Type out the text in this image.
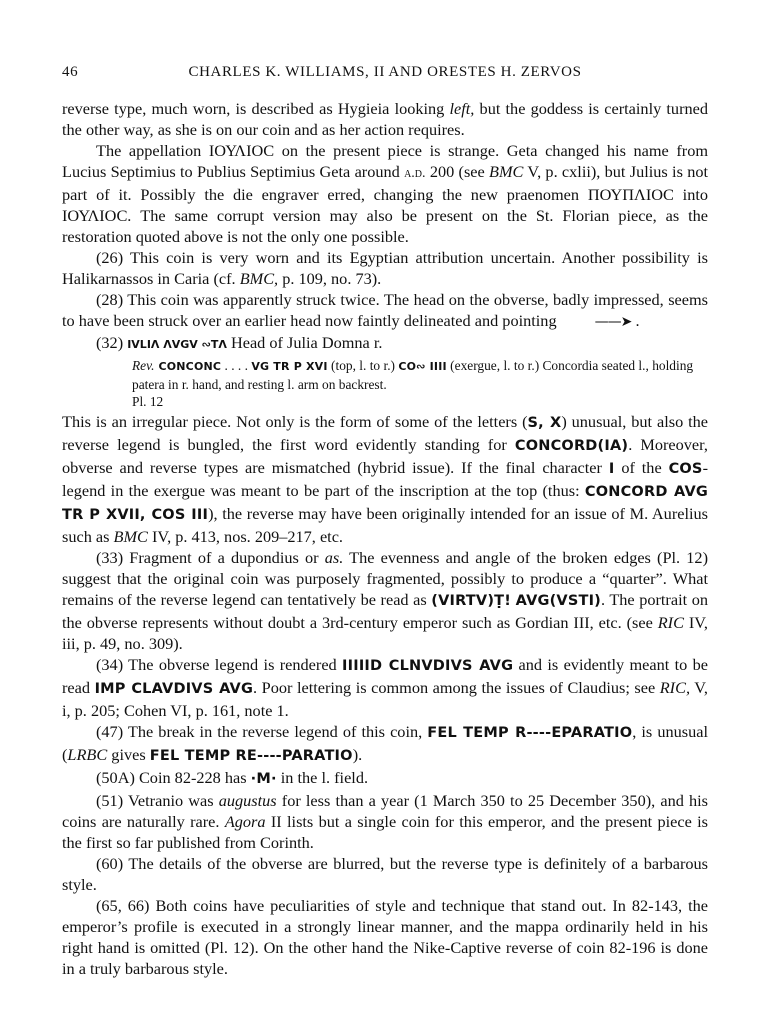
46	CHARLES K. WILLIAMS, II AND ORESTES H. ZERVOS

reverse type, much worn, is described as Hygieia looking left, but the goddess is certainly turned the other way, as she is on our coin and as her action requires.

The appellation ΙΟΥΛΙΟϹ on the present piece is strange. Geta changed his name from Lucius Septimius to Publius Septimius Geta around a.d. 200 (see BMC V, p. cxlii), but Julius is not part of it. Possibly the die engraver erred, changing the new praenomen ΠΟΥΠΛΙΟϹ into ΙΟΥΛΙΟϹ. The same corrupt version may also be present on the St. Florian piece, as the restoration quoted above is not the only one possible.

(26) This coin is very worn and its Egyptian attribution uncertain. Another possibility is Halikarnassos in Caria (cf. BMC, p. 109, no. 73).

(28) This coin was apparently struck twice. The head on the obverse, badly impressed, seems to have been struck over an earlier head now faintly delineated and pointing ——➤ .

(32) IVLIΛ ΛVGV ∾TΛ Head of Julia Domna r.

Rev. CONCONC . . . . VG TR P XVI (top, l. to r.) CO∾ IIII (exergue, l. to r.) Concordia seated l., holding patera in r. hand, and resting l. arm on backrest.

Pl. 12

This is an irregular piece. Not only is the form of some of the letters (S, X) unusual, but also the reverse legend is bungled, the first word evidently standing for CONCORD(IA). Moreover, obverse and reverse types are mismatched (hybrid issue). If the final character I of the COS-legend in the exergue was meant to be part of the inscription at the top (thus: CONCORD AVG TR P XVII, COS III), the reverse may have been originally intended for an issue of M. Aurelius such as BMC IV, p. 413, nos. 209–217, etc.

(33) Fragment of a dupondius or as. The evenness and angle of the broken edges (Pl. 12) suggest that the original coin was purposely fragmented, possibly to produce a “quarter”. What remains of the reverse legend can tentatively be read as (VIRTV)Ṭ! AVG(VSTI). The portrait on the obverse represents without doubt a 3rd-century emperor such as Gordian III, etc. (see RIC IV, iii, p. 49, no. 309).

(34) The obverse legend is rendered IIIIID CLNVDIVS AVG and is evidently meant to be read IMP CLAVDIVS AVG. Poor lettering is common among the issues of Claudius; see RIC, V, i, p. 205; Cohen VI, p. 161, note 1.

(47) The break in the reverse legend of this coin, FEL TEMP R----EPARATIO, is unusual (LRBC gives FEL TEMP RE----PARATIO).

(50A) Coin 82-228 has ·M· in the l. field.

(51) Vetranio was augustus for less than a year (1 March 350 to 25 December 350), and his coins are naturally rare. Agora II lists but a single coin for this emperor, and the present piece is the first so far published from Corinth.

(60) The details of the obverse are blurred, but the reverse type is definitely of a barbarous style.

(65, 66) Both coins have peculiarities of style and technique that stand out. In 82-143, the emperor’s profile is executed in a strongly linear manner, and the mappa ordinarily held in his right hand is omitted (Pl. 12). On the other hand the Nike-Captive reverse of coin 82-196 is done in a truly barbarous style.
